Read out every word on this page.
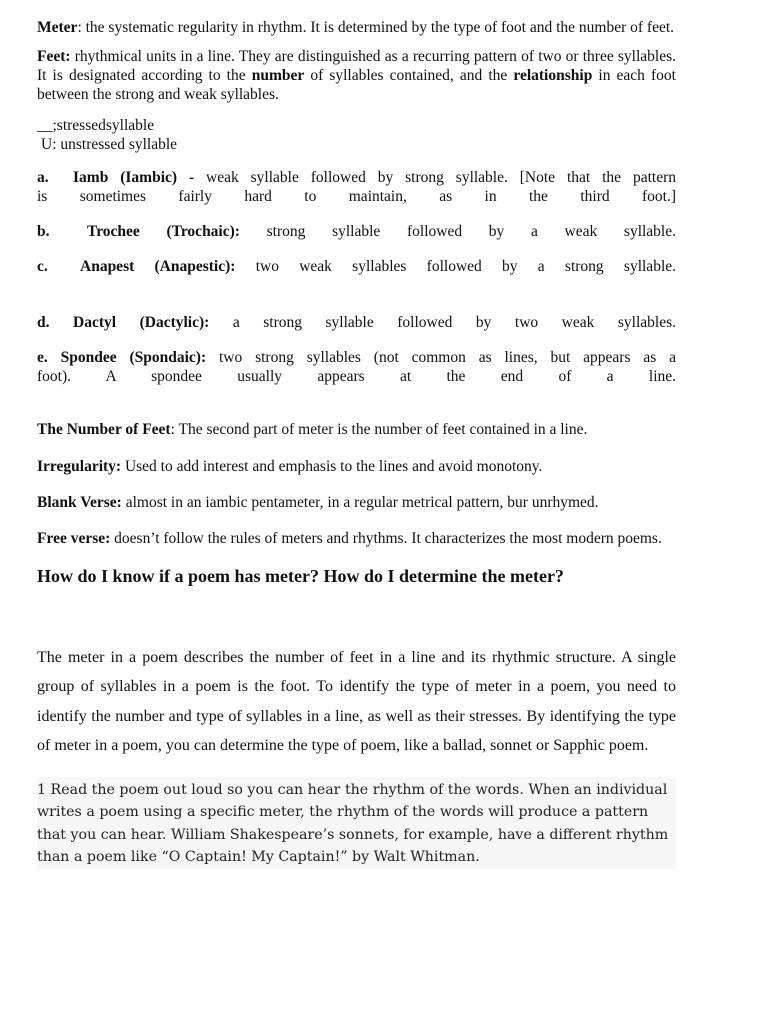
Meter: the systematic regularity in rhythm. It is determined by the type of foot and the number of feet.

Feet: rhythmical units in a line. They are distinguished as a recurring pattern of two or three syllables. It is designated according to the number of syllables contained, and the relationship in each foot between the strong and weak syllables.

__;stressedsyllable

U: unstressed syllable

a. Iamb (Iambic) - weak syllable followed by strong syllable. [Note that the pattern

is sometimes fairly hard to maintain, as in the third foot.]

b. Trochee (Trochaic): strong syllable followed by a weak syllable.

c. Anapest (Anapestic): two weak syllables followed by a strong syllable.

d. Dactyl (Dactylic): a strong syllable followed by two weak syllables.

e. Spondee (Spondaic): two strong syllables (not common as lines, but appears as a

foot). A spondee usually appears at the end of a line.

The Number of Feet: The second part of meter is the number of feet contained in a line.

Irregularity: Used to add interest and emphasis to the lines and avoid monotony.

Blank Verse: almost in an iambic pentameter, in a regular metrical pattern, bur unrhymed.

Free verse: doesn’t follow the rules of meters and rhythms. It characterizes the most modern poems.

How do I know if a poem has meter? How do I determine the meter?

The meter in a poem describes the number of feet in a line and its rhythmic structure. A single group of syllables in a poem is the foot. To identify the type of meter in a poem, you need to identify the number and type of syllables in a line, as well as their stresses. By identifying the type of meter in a poem, you can determine the type of poem, like a ballad, sonnet or Sapphic poem.

1 Read the poem out loud so you can hear the rhythm of the words. When an individual writes a poem using a specific meter, the rhythm of the words will produce a pattern that you can hear. William Shakespeare’s sonnets, for example, have a different rhythm than a poem like “O Captain! My Captain!” by Walt Whitman.
